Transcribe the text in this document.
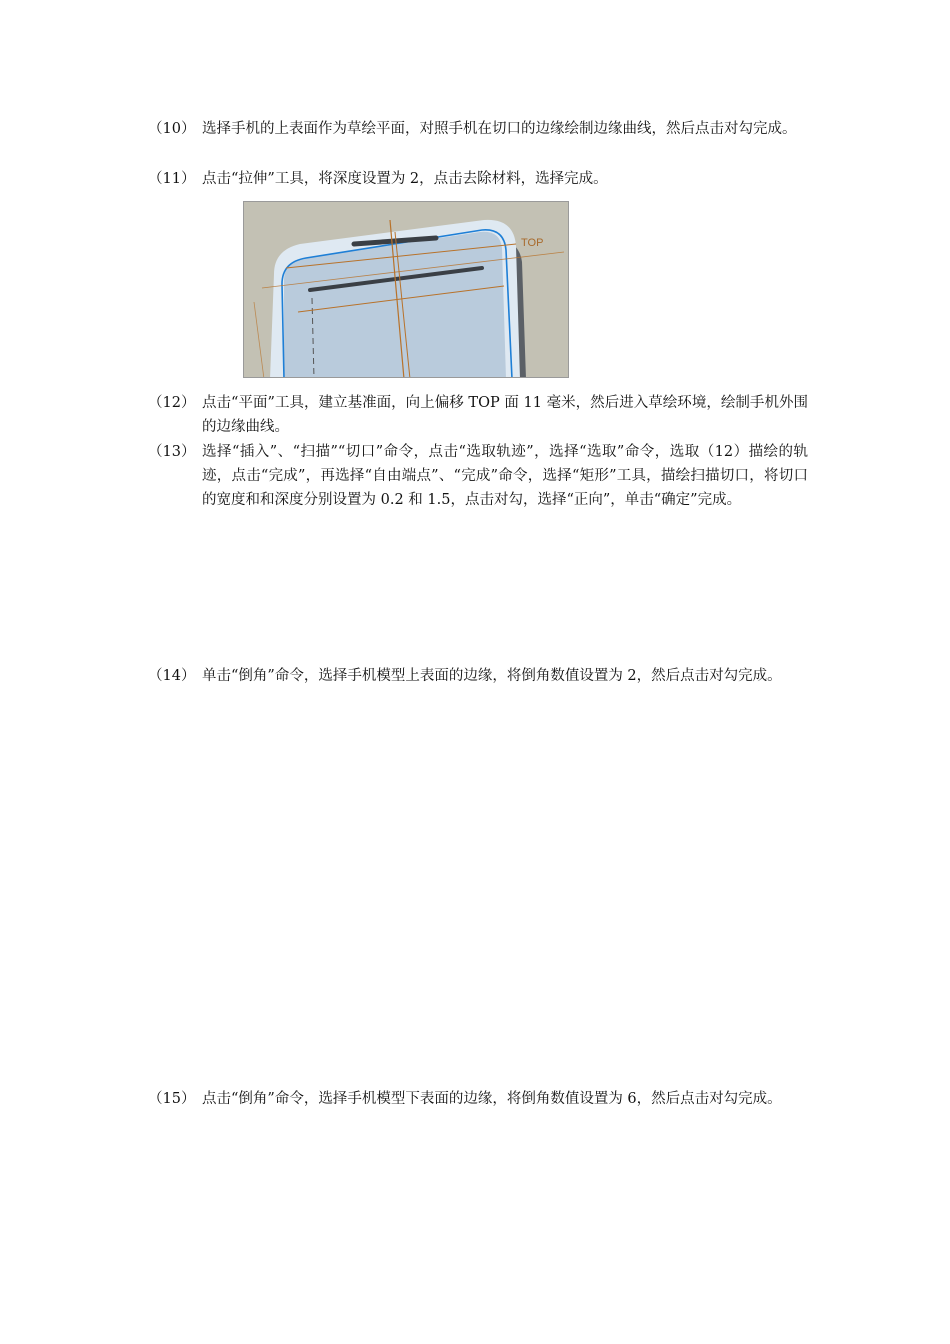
（10） 选择手机的上表面作为草绘平面，对照手机在切口的边缘绘制边缘曲线，然后点击对勾完成。
（11） 点击“拉伸”工具，将深度设置为 2，点击去除材料，选择完成。
TOP
（12） 点击“平面”工具，建立基准面，向上偏移 TOP 面 11 毫米，然后进入草绘环境，绘制手机外围的边缘曲线。
（13） 选择“插入”、“扫描”“切口”命令，点击“选取轨迹”，选择“选取”命令，选取（12）描绘的轨迹，点击“完成”，再选择“自由端点”、“完成”命令，选择“矩形”工具，描绘扫描切口，将切口的宽度和和深度分别设置为 0.2 和 1.5，点击对勾，选择“正向”，单击“确定”完成。
（14） 单击“倒角”命令，选择手机模型上表面的边缘，将倒角数值设置为 2，然后点击对勾完成。
（15） 点击“倒角”命令，选择手机模型下表面的边缘，将倒角数值设置为 6，然后点击对勾完成。
